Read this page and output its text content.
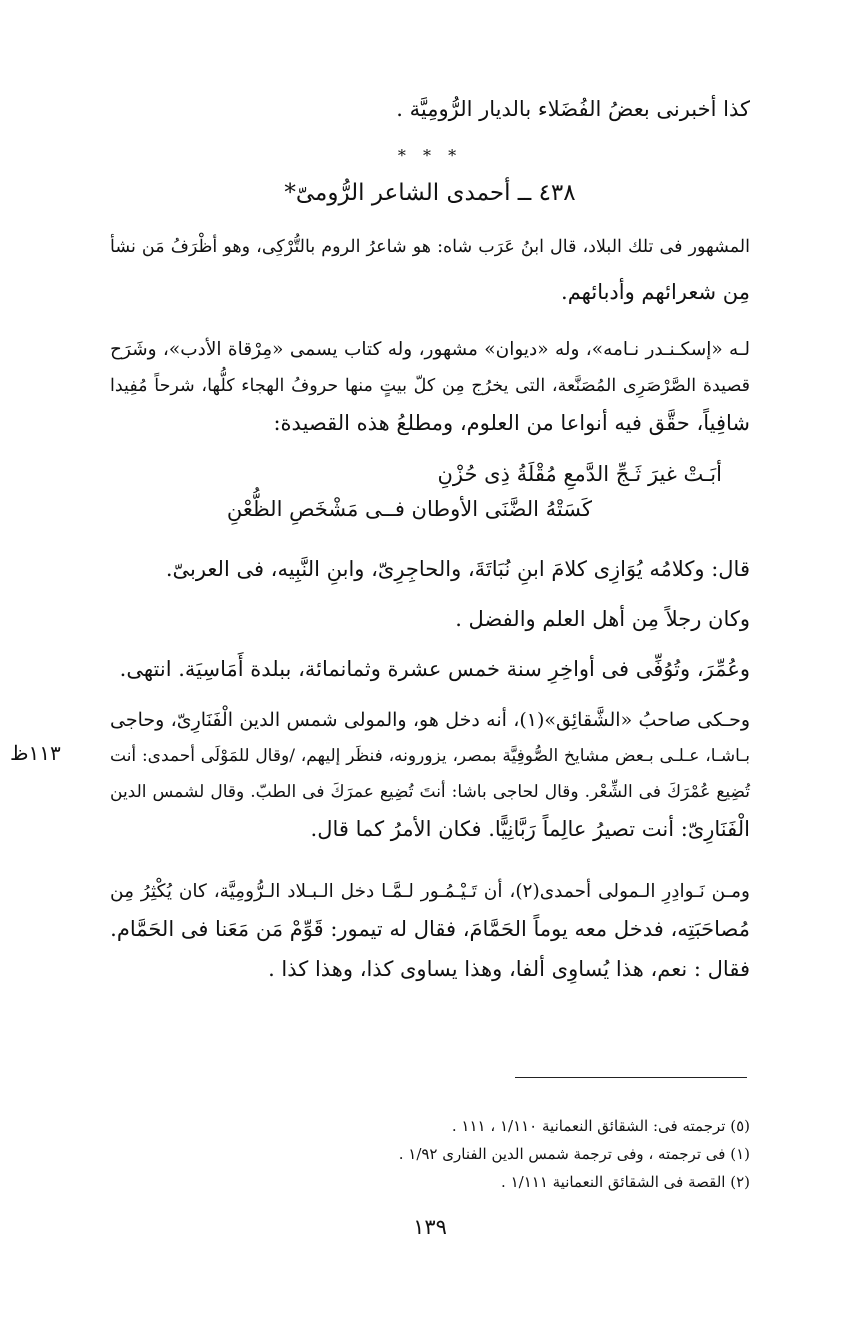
كذا أخبرنى بعضُ الفُضَلاء بالديار الرُّومِيَّة .
* * *
٤٣٨ ــ أحمدى الشاعر الرُّومىّ*
المشهور فى تلك البلاد، قال ابنُ عَرَب شاه: هو شاعرُ الروم بالتُّرْكِى، وهو أظْرَفُ مَن نشأ
مِن شعرائهم وأدبائهم.
لـه «إسكـنـدر نـامه»، وله «ديوان» مشهور، وله كتاب يسمى «مِرْقاة الأدب»، وشَرَح
قصيدة الصَّرْصَرِى المُصَنَّعة، التى يخرُج مِن كلّ بيتٍ منها حروفُ الهجاء كلُّها، شرحاً مُفِيدا
شافِياً، حقَّق فيه أنواعا من العلوم، ومطلعُ هذه القصيدة:
أبَـتْ غيرَ ثَـجِّ الدَّمعِ مُقْلَةُ ذِى حُزْنِ
كَسَتْهُ الضَّنَى الأوطان فــى مَشْخَصِ الظُّعْنِ
قال: وكلامُه يُوَازِى كلامَ ابنِ نُبَاتَةَ، والحاجِرِىّ، وابنِ النَّبِيه، فى العربىّ.
وكان رجلاً مِن أهل العلم والفضل .
وعُمِّرَ، وتُوُفِّى فى أواخِرِ سنة خمس عشرة وثمانمائة، ببلدة أَمَاسِيَة. انتهى.
وحـكى صاحبُ «الشَّقائِق»(١)، أنه دخل هو، والمولى شمس الدين الْفَنَارِىّ، وحاجى
بـاشـا، عـلـى بـعض مشايخ الصُّوفِيَّة بمصر، يزورونه، فنظَر إليهم، /وقال للمَوْلَى أحمدى: أنت
تُضِيع عُمْرَكَ فى الشِّعْر. وقال لحاجى باشا: أنتَ تُضِيع عمرَكَ فى الطبّ. وقال لشمس الدين
الْفَنَارِىّ: أنت تصيرُ عالِماً رَبَّانِيًّا. فكان الأمرُ كما قال.
١١٣ظ
ومـن نَـوادِرِ الـمولى أحمدى(٢)، أن تَـيْـمُـور لـمَّـا دخل الـبـلاد الـرُّومِيَّة، كان يُكْثِرُ مِن
مُصاحَبَتِه، فدخل معه يوماً الحَمَّامَ، فقال له تيمور: قَوِّمْ مَن مَعَنا فى الحَمَّام.
فقال : نعم، هذا يُساوِى ألفا، وهذا يساوى كذا، وهذا كذا .
(٥) ترجمته فى: الشقائق النعمانية ١/١١٠ ، ١١١ .
(١) فى ترجمته ، وفى ترجمة شمس الدين الفنارى ١/٩٢ .
(٢) القصة فى الشقائق النعمانية ١/١١١ .
١٣٩
